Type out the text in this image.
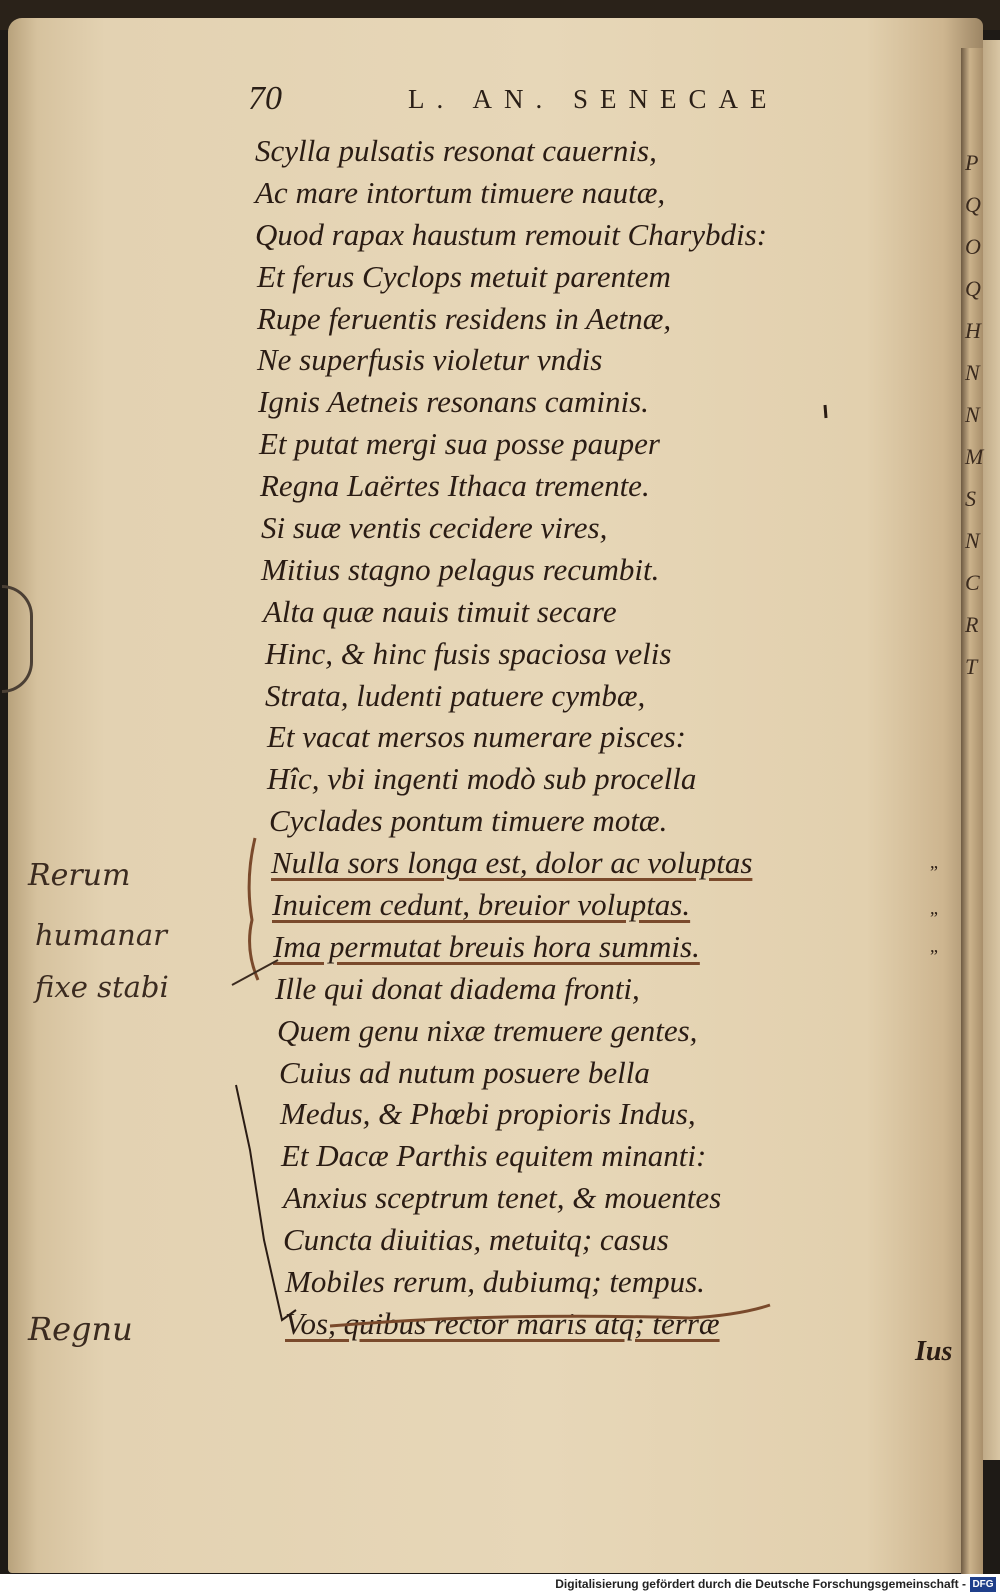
70	L. AN. SENECAE
Scylla pulsatis resonat cauernis,
Ac mare intortum timuere nautæ,
Quod rapax haustum remouit Charybdis:
Et ferus Cyclops metuit parentem
Rupe feruentis residens in Aetnæ,
Ne superfusis violetur vndis
Ignis Aetneis resonans caminis.
Et putat mergi sua posse pauper
Regna Laërtes Ithaca tremente.
Si suæ ventis cecidere vires,
Mitius stagno pelagus recumbit.
Alta quæ nauis timuit secare
Hinc, & hinc fusis spaciosa velis
Strata, ludenti patuere cymbæ,
Et vacat mersos numerare pisces:
Hîc, vbi ingenti modò sub procella
Cyclades pontum timuere motæ.
Nulla sors longa est, dolor ac voluptas
Inuicem cedunt, breuior voluptas.
Ima permutat breuis hora summis.
Ille qui donat diadema fronti,
Quem genu nixæ tremuere gentes,
Cuius ad nutum posuere bella
Medus, & Phœbi propioris Indus,
Et Dacæ Parthis equitem minanti:
Anxius sceptrum tenet, & mouentes
Cuncta diuitias, metuitq; casus
Mobiles rerum, dubiumq; tempus.
Vos, quibus rector maris atq; terræ
„
„
„
Ius
Rerum
humanar
fixe stabi
Regnu
P
Q
O
Q
H
N
N
M
S
N
C
R
T
Digitalisierung gefördert durch die Deutsche Forschungsgemeinschaft - DFG
